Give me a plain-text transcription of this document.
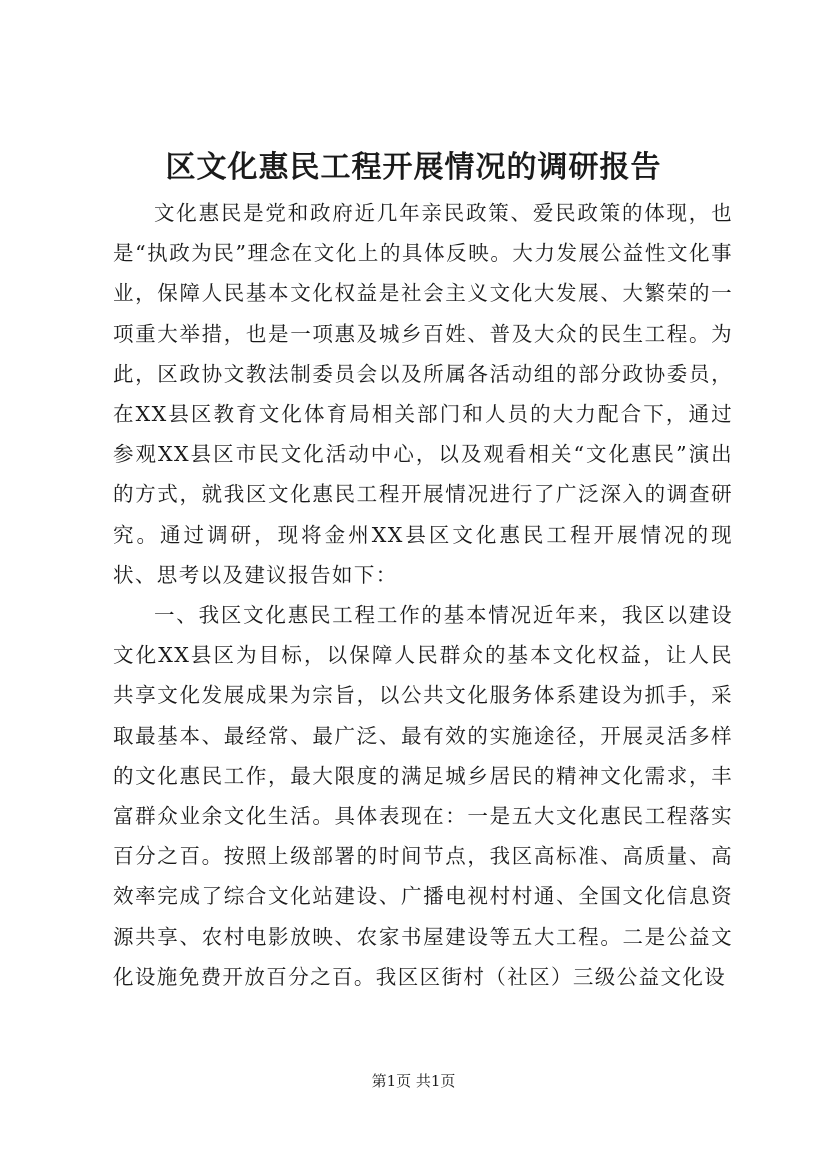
区文化惠民工程开展情况的调研报告

文化惠民是党和政府近几年亲民政策、爱民政策的体现，也是“执政为民”理念在文化上的具体反映。大力发展公益性文化事业，保障人民基本文化权益是社会主义文化大发展、大繁荣的一项重大举措，也是一项惠及城乡百姓、普及大众的民生工程。为此，区政协文教法制委员会以及所属各活动组的部分政协委员，在XX县区教育文化体育局相关部门和人员的大力配合下，通过参观XX县区市民文化活动中心，以及观看相关“文化惠民”演出的方式，就我区文化惠民工程开展情况进行了广泛深入的调查研究。通过调研，现将金州XX县区文化惠民工程开展情况的现状、思考以及建议报告如下：

一、我区文化惠民工程工作的基本情况近年来，我区以建设文化XX县区为目标，以保障人民群众的基本文化权益，让人民共享文化发展成果为宗旨，以公共文化服务体系建设为抓手，采取最基本、最经常、最广泛、最有效的实施途径，开展灵活多样的文化惠民工作，最大限度的满足城乡居民的精神文化需求，丰富群众业余文化生活。具体表现在：一是五大文化惠民工程落实百分之百。按照上级部署的时间节点，我区高标准、高质量、高效率完成了综合文化站建设、广播电视村村通、全国文化信息资源共享、农村电影放映、农家书屋建设等五大工程。二是公益文化设施免费开放百分之百。我区区街村（社区）三级公益文化设

第1页 共1页
